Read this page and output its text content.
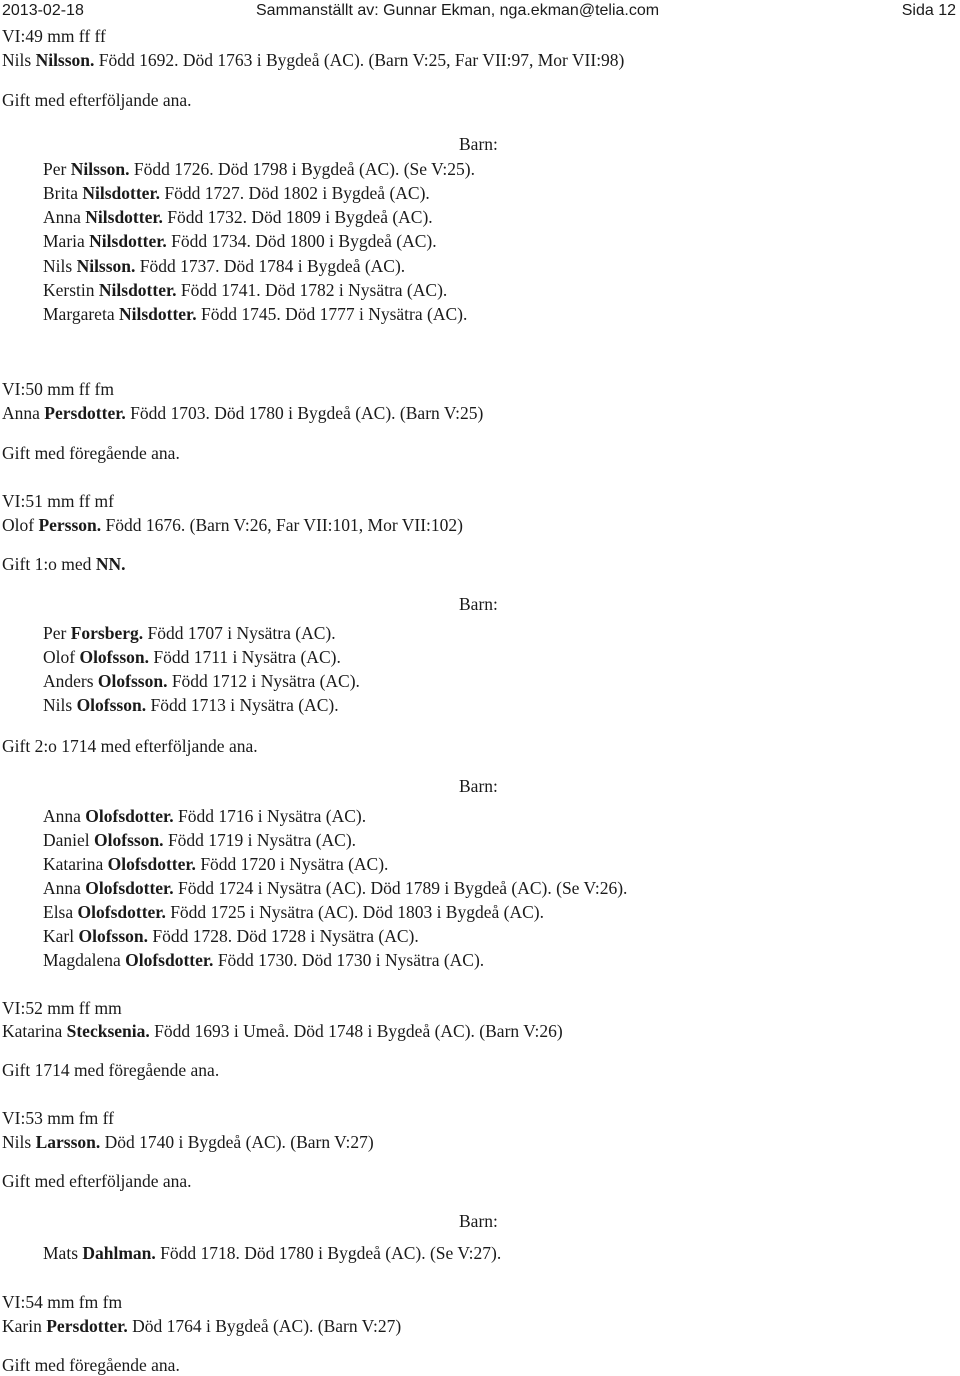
2013-02-18	Sammanställt av: Gunnar Ekman, nga.ekman@telia.com	Sida 12
VI:49 mm ff ff
Nils Nilsson. Född 1692. Död 1763 i Bygdeå (AC). (Barn V:25, Far VII:97, Mor VII:98)
Gift med efterföljande ana.
Barn:
Per Nilsson. Född 1726. Död 1798 i Bygdeå (AC). (Se V:25).
Brita Nilsdotter. Född 1727. Död 1802 i Bygdeå (AC).
Anna Nilsdotter. Född 1732. Död 1809 i Bygdeå (AC).
Maria Nilsdotter. Född 1734. Död 1800 i Bygdeå (AC).
Nils Nilsson. Född 1737. Död 1784 i Bygdeå (AC).
Kerstin Nilsdotter. Född 1741. Död 1782 i Nysätra (AC).
Margareta Nilsdotter. Född 1745. Död 1777 i Nysätra (AC).
VI:50 mm ff fm
Anna Persdotter. Född 1703. Död 1780 i Bygdeå (AC). (Barn V:25)
Gift med föregående ana.
VI:51 mm ff mf
Olof Persson. Född 1676. (Barn V:26, Far VII:101, Mor VII:102)
Gift 1:o med NN.
Barn:
Per Forsberg. Född 1707 i Nysätra (AC).
Olof Olofsson. Född 1711 i Nysätra (AC).
Anders Olofsson. Född 1712 i Nysätra (AC).
Nils Olofsson. Född 1713 i Nysätra (AC).
Gift 2:o 1714 med efterföljande ana.
Barn:
Anna Olofsdotter. Född 1716 i Nysätra (AC).
Daniel Olofsson. Född 1719 i Nysätra (AC).
Katarina Olofsdotter. Född 1720 i Nysätra (AC).
Anna Olofsdotter. Född 1724 i Nysätra (AC). Död 1789 i Bygdeå (AC). (Se V:26).
Elsa Olofsdotter. Född 1725 i Nysätra (AC). Död 1803 i Bygdeå (AC).
Karl Olofsson. Född 1728. Död 1728 i Nysätra (AC).
Magdalena Olofsdotter. Född 1730. Död 1730 i Nysätra (AC).
VI:52 mm ff mm
Katarina Stecksenia. Född 1693 i Umeå. Död 1748 i Bygdeå (AC). (Barn V:26)
Gift 1714 med föregående ana.
VI:53 mm fm ff
Nils Larsson. Död 1740 i Bygdeå (AC). (Barn V:27)
Gift med efterföljande ana.
Barn:
Mats Dahlman. Född 1718. Död 1780 i Bygdeå (AC). (Se V:27).
VI:54 mm fm fm
Karin Persdotter. Död 1764 i Bygdeå (AC). (Barn V:27)
Gift med föregående ana.
